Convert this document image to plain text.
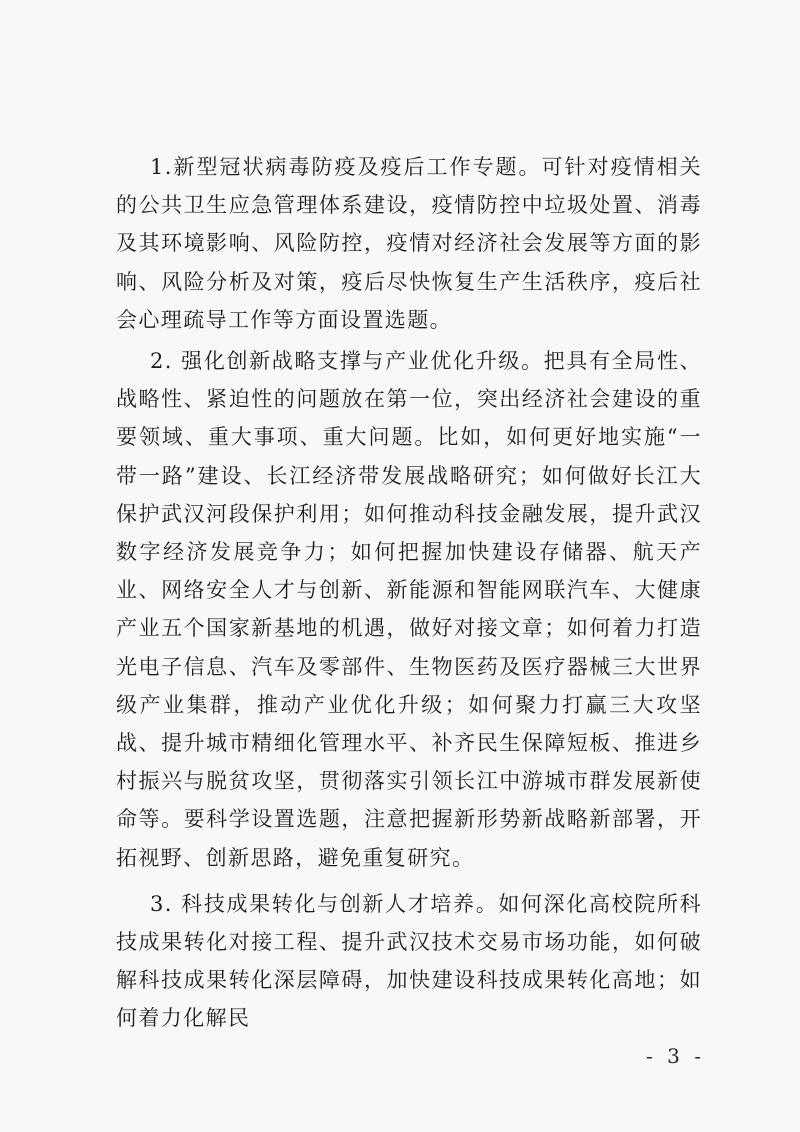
1.新型冠状病毒防疫及疫后工作专题。可针对疫情相关的公共卫生应急管理体系建设，疫情防控中垃圾处置、消毒及其环境影响、风险防控，疫情对经济社会发展等方面的影响、风险分析及对策，疫后尽快恢复生产生活秩序，疫后社会心理疏导工作等方面设置选题。

2. 强化创新战略支撑与产业优化升级。把具有全局性、战略性、紧迫性的问题放在第一位，突出经济社会建设的重要领域、重大事项、重大问题。比如，如何更好地实施“一带一路”建设、长江经济带发展战略研究；如何做好长江大保护武汉河段保护利用；如何推动科技金融发展，提升武汉数字经济发展竞争力；如何把握加快建设存储器、航天产业、网络安全人才与创新、新能源和智能网联汽车、大健康产业五个国家新基地的机遇，做好对接文章；如何着力打造光电子信息、汽车及零部件、生物医药及医疗器械三大世界级产业集群，推动产业优化升级；如何聚力打赢三大攻坚战、提升城市精细化管理水平、补齐民生保障短板、推进乡村振兴与脱贫攻坚，贯彻落实引领长江中游城市群发展新使命等。要科学设置选题，注意把握新形势新战略新部署，开拓视野、创新思路，避免重复研究。

3. 科技成果转化与创新人才培养。如何深化高校院所科技成果转化对接工程、提升武汉技术交易市场功能，如何破解科技成果转化深层障碍，加快建设科技成果转化高地；如何着力化解民

- 3 -
